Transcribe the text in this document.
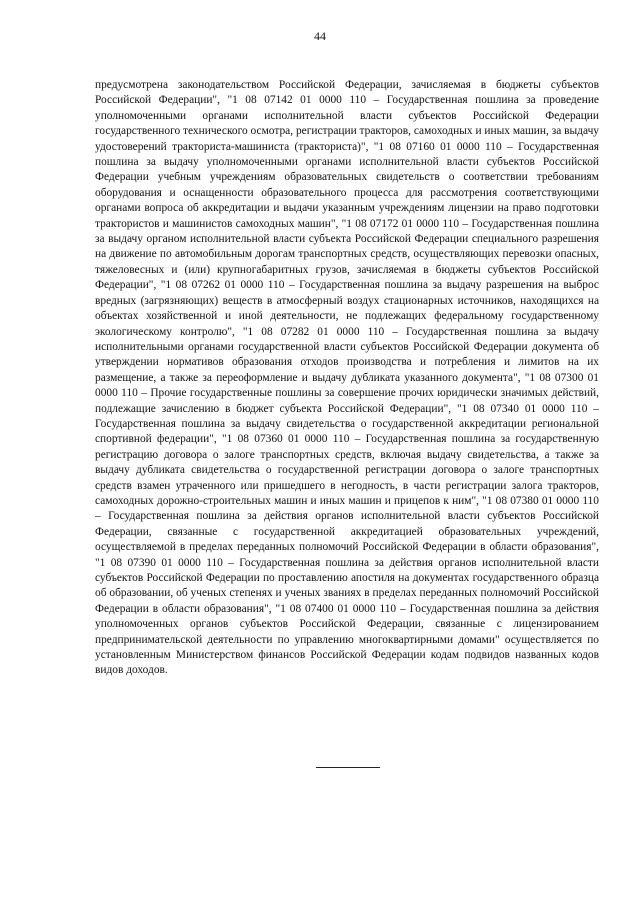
44

предусмотрена законодательством Российской Федерации, зачисляемая в бюджеты субъектов Российской Федерации", "1 08 07142 01 0000 110 – Государственная пошлина за проведение уполномоченными органами исполнительной власти субъектов Российской Федерации государственного технического осмотра, регистрации тракторов, самоходных и иных машин, за выдачу удостоверений тракториста-машиниста (тракториста)", "1 08 07160 01 0000 110 – Государственная пошлина за выдачу уполномоченными органами исполнительной власти субъектов Российской Федерации учебным учреждениям образовательных свидетельств о соответствии требованиям оборудования и оснащенности образовательного процесса для рассмотрения соответствующими органами вопроса об аккредитации и выдачи указанным учреждениям лицензии на право подготовки трактористов и машинистов самоходных машин", "1 08 07172 01 0000 110 – Государственная пошлина за выдачу органом исполнительной власти субъекта Российской Федерации специального разрешения на движение по автомобильным дорогам транспортных средств, осуществляющих перевозки опасных, тяжеловесных и (или) крупногабаритных грузов, зачисляемая в бюджеты субъектов Российской Федерации", "1 08 07262 01 0000 110 – Государственная пошлина за выдачу разрешения на выброс вредных (загрязняющих) веществ в атмосферный воздух стационарных источников, находящихся на объектах хозяйственной и иной деятельности, не подлежащих федеральному государственному экологическому контролю", "1 08 07282 01 0000 110 – Государственная пошлина за выдачу исполнительными органами государственной власти субъектов Российской Федерации документа об утверждении нормативов образования отходов производства и потребления и лимитов на их размещение, а также за переоформление и выдачу дубликата указанного документа", "1 08 07300 01 0000 110 – Прочие государственные пошлины за совершение прочих юридически значимых действий, подлежащие зачислению в бюджет субъекта Российской Федерации", "1 08 07340 01 0000 110 – Государственная пошлина за выдачу свидетельства о государственной аккредитации региональной спортивной федерации", "1 08 07360 01 0000 110 – Государственная пошлина за государственную регистрацию договора о залоге транспортных средств, включая выдачу свидетельства, а также за выдачу дубликата свидетельства о государственной регистрации договора о залоге транспортных средств взамен утраченного или пришедшего в негодность, в части регистрации залога тракторов, самоходных дорожно-строительных машин и иных машин и прицепов к ним", "1 08 07380 01 0000 110 – Государственная пошлина за действия органов исполнительной власти субъектов Российской Федерации, связанные с государственной аккредитацией образовательных учреждений, осуществляемой в пределах переданных полномочий Российской Федерации в области образования", "1 08 07390 01 0000 110 – Государственная пошлина за действия органов исполнительной власти субъектов Российской Федерации по проставлению апостиля на документах государственного образца об образовании, об ученых степенях и ученых званиях в пределах переданных полномочий Российской Федерации в области образования", "1 08 07400 01 0000 110 – Государственная пошлина за действия уполномоченных органов субъектов Российской Федерации, связанные с лицензированием предпринимательской деятельности по управлению многоквартирными домами" осуществляется по установленным Министерством финансов Российской Федерации кодам подвидов названных кодов видов доходов.
